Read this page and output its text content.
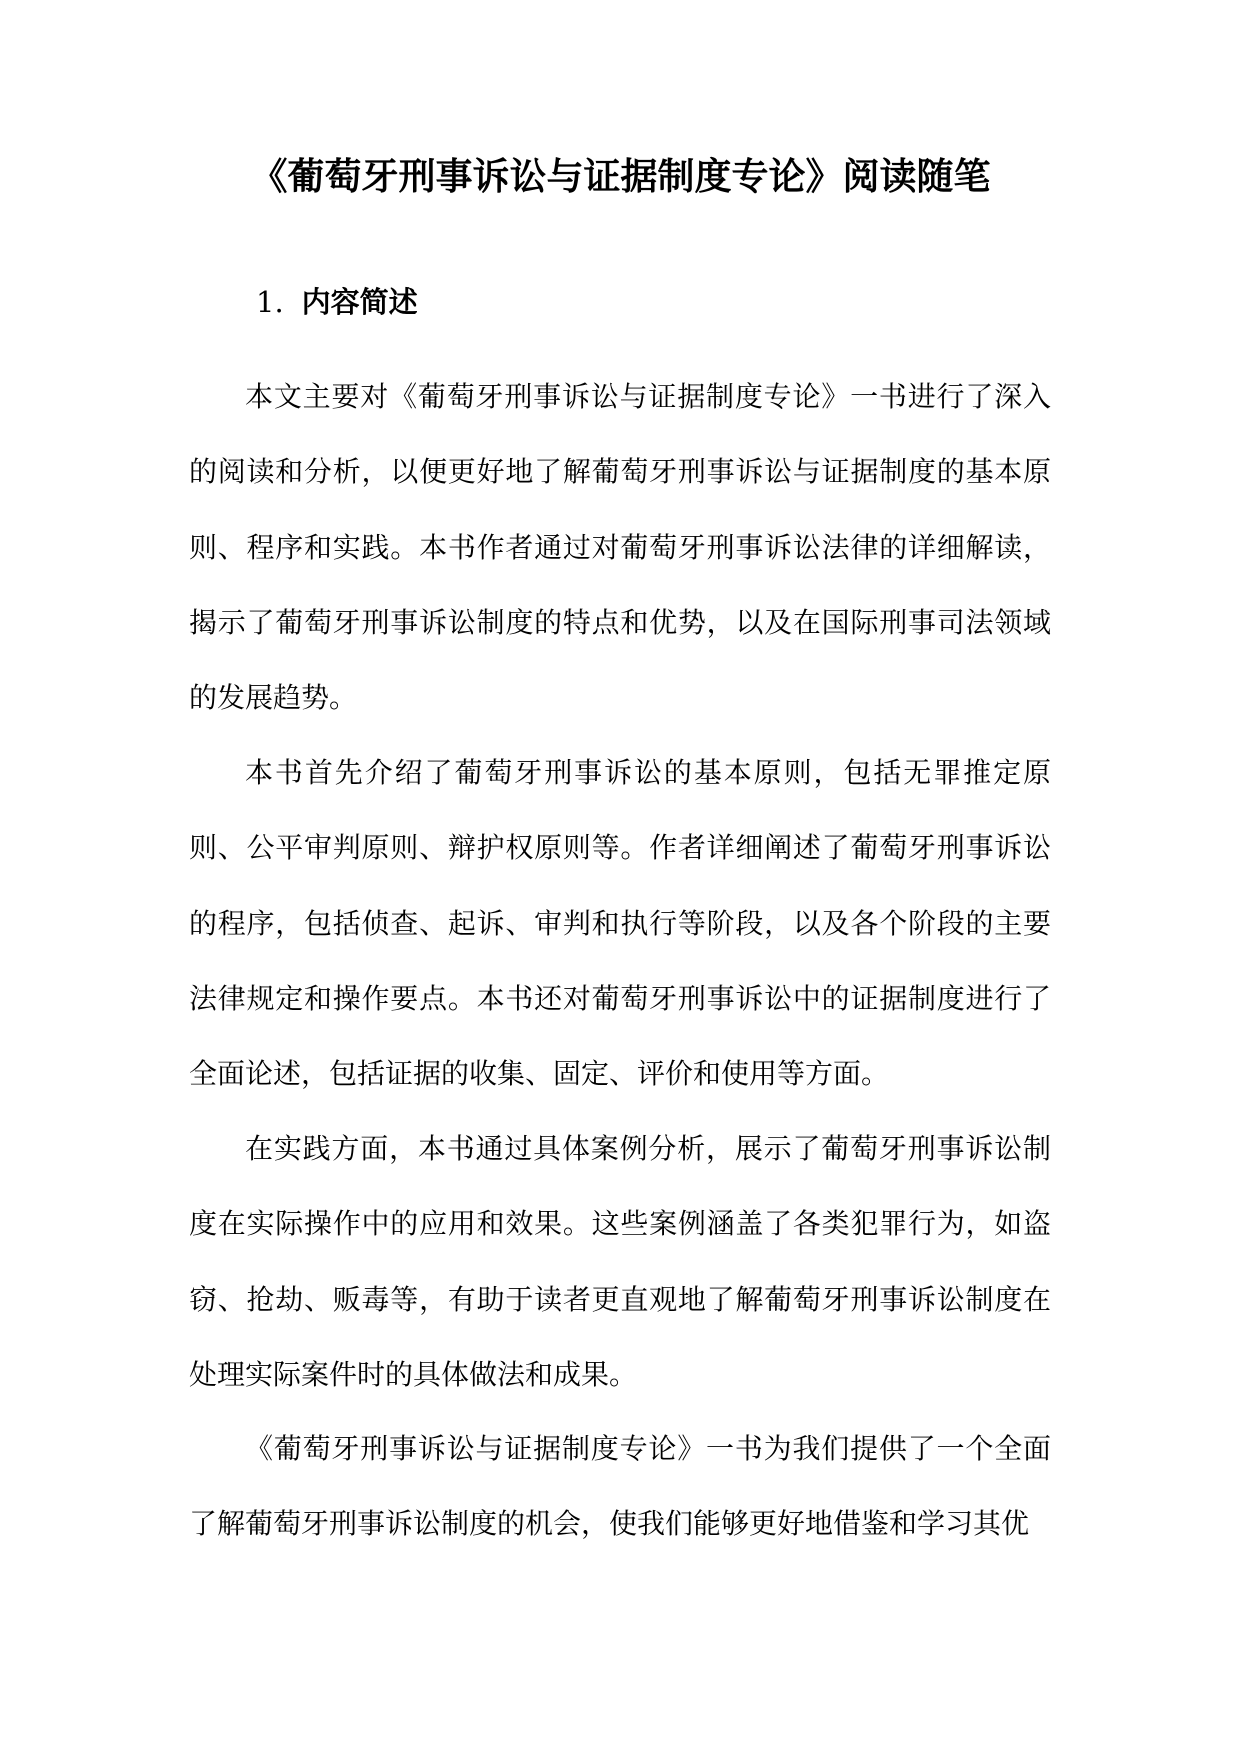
《葡萄牙刑事诉讼与证据制度专论》阅读随笔
1. 内容简述

本文主要对《葡萄牙刑事诉讼与证据制度专论》一书进行了深入的阅读和分析，以便更好地了解葡萄牙刑事诉讼与证据制度的基本原则、程序和实践。本书作者通过对葡萄牙刑事诉讼法律的详细解读，揭示了葡萄牙刑事诉讼制度的特点和优势，以及在国际刑事司法领域的发展趋势。

本书首先介绍了葡萄牙刑事诉讼的基本原则，包括无罪推定原则、公平审判原则、辩护权原则等。作者详细阐述了葡萄牙刑事诉讼的程序，包括侦查、起诉、审判和执行等阶段，以及各个阶段的主要法律规定和操作要点。本书还对葡萄牙刑事诉讼中的证据制度进行了全面论述，包括证据的收集、固定、评价和使用等方面。

在实践方面，本书通过具体案例分析，展示了葡萄牙刑事诉讼制度在实际操作中的应用和效果。这些案例涵盖了各类犯罪行为，如盗窃、抢劫、贩毒等，有助于读者更直观地了解葡萄牙刑事诉讼制度在处理实际案件时的具体做法和成果。

《葡萄牙刑事诉讼与证据制度专论》一书为我们提供了一个全面了解葡萄牙刑事诉讼制度的机会，使我们能够更好地借鉴和学习其优
